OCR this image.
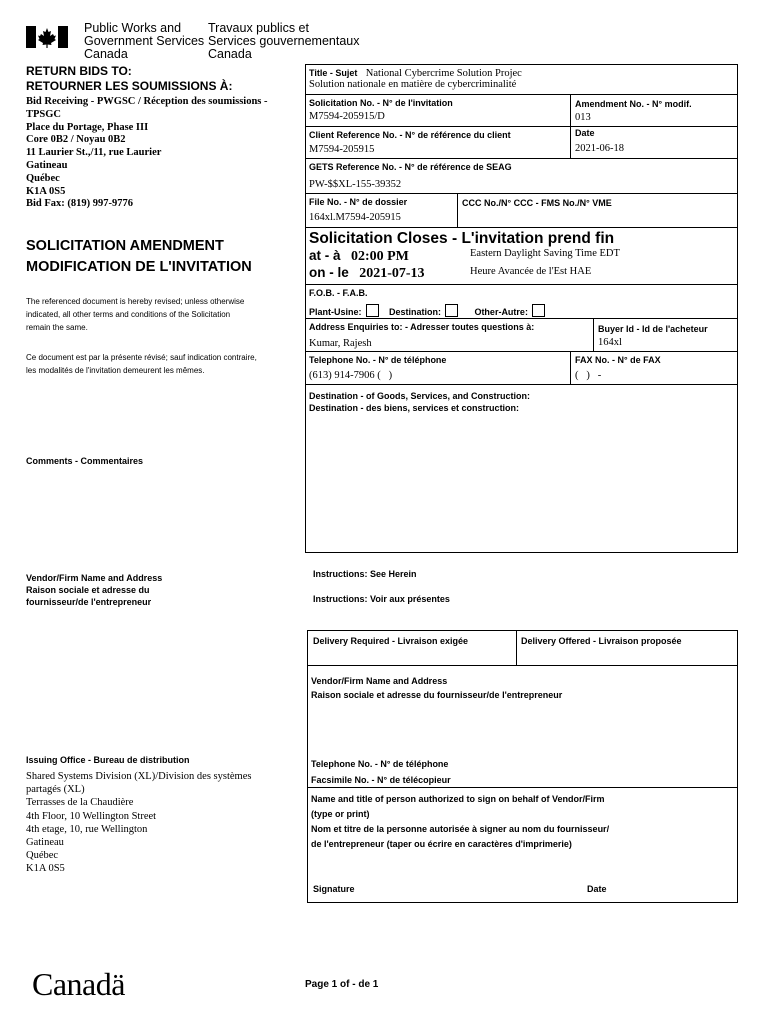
Public Works and
Government Services
Canada
Travaux publics et
Services gouvernementaux
Canada
RETURN BIDS TO:
RETOURNER LES SOUMISSIONS À:
Bid Receiving - PWGSC / Réception des soumissions -
TPSGC
Place du Portage, Phase III
Core 0B2 / Noyau 0B2
11 Laurier St.,/11, rue Laurier
Gatineau
Québec
K1A 0S5
Bid Fax: (819) 997-9776
SOLICITATION AMENDMENT
MODIFICATION DE L'INVITATION
The referenced document is hereby revised; unless otherwise
indicated, all other terms and conditions of the Solicitation
remain the same.
Ce document est par la présente révisé; sauf indication contraire,
les modalités de l'invitation demeurent les mêmes.
Comments - Commentaires
Vendor/Firm Name and Address
Raison sociale et adresse du
fournisseur/de l'entrepreneur
Issuing Office - Bureau de distribution
Shared Systems Division (XL)/Division des systèmes
partagés (XL)
Terrasses de la Chaudière
4th Floor, 10 Wellington Street
4th etage, 10, rue Wellington
Gatineau
Québec
K1A 0S5
Title - Sujet National Cybercrime Solution Projec
Solution nationale en matière de cybercriminalité
Solicitation No. - N° de l'invitation
M7594-205915/D
Amendment No. - N° modif.
013
Client Reference No. - N° de référence du client
M7594-205915
Date
2021-06-18
GETS Reference No. - N° de référence de SEAG
PW-$$XL-155-39352
File No. - N° de dossier
164xl.M7594-205915
CCC No./N° CCC - FMS No./N° VME
Solicitation Closes - L'invitation prend fin
at - à 02:00 PM
on - le 2021-07-13
Eastern Daylight Saving Time EDT
Heure Avancée de l'Est HAE
F.O.B. - F.A.B.
Plant-Usine:	Destination:	Other-Autre:
Address Enquiries to: - Adresser toutes questions à:
Kumar, Rajesh
Buyer Id - Id de l'acheteur
164xl
Telephone No. - N° de téléphone
(613) 914-7906 (   )
FAX No. - N° de FAX
(   )   -
Destination - of Goods, Services, and Construction:
Destination - des biens, services et construction:
Instructions: See Herein
Instructions: Voir aux présentes
Delivery Required - Livraison exigée	Delivery Offered - Livraison proposée
Vendor/Firm Name and Address
Raison sociale et adresse du fournisseur/de l'entrepreneur
Telephone No. - N° de téléphone
Facsimile No. - N° de télécopieur
Name and title of person authorized to sign on behalf of Vendor/Firm
(type or print)
Nom et titre de la personne autorisée à signer au nom du fournisseur/
de l'entrepreneur (taper ou écrire en caractères d'imprimerie)
Signature	Date
Canadä	Page 1 of - de 1
